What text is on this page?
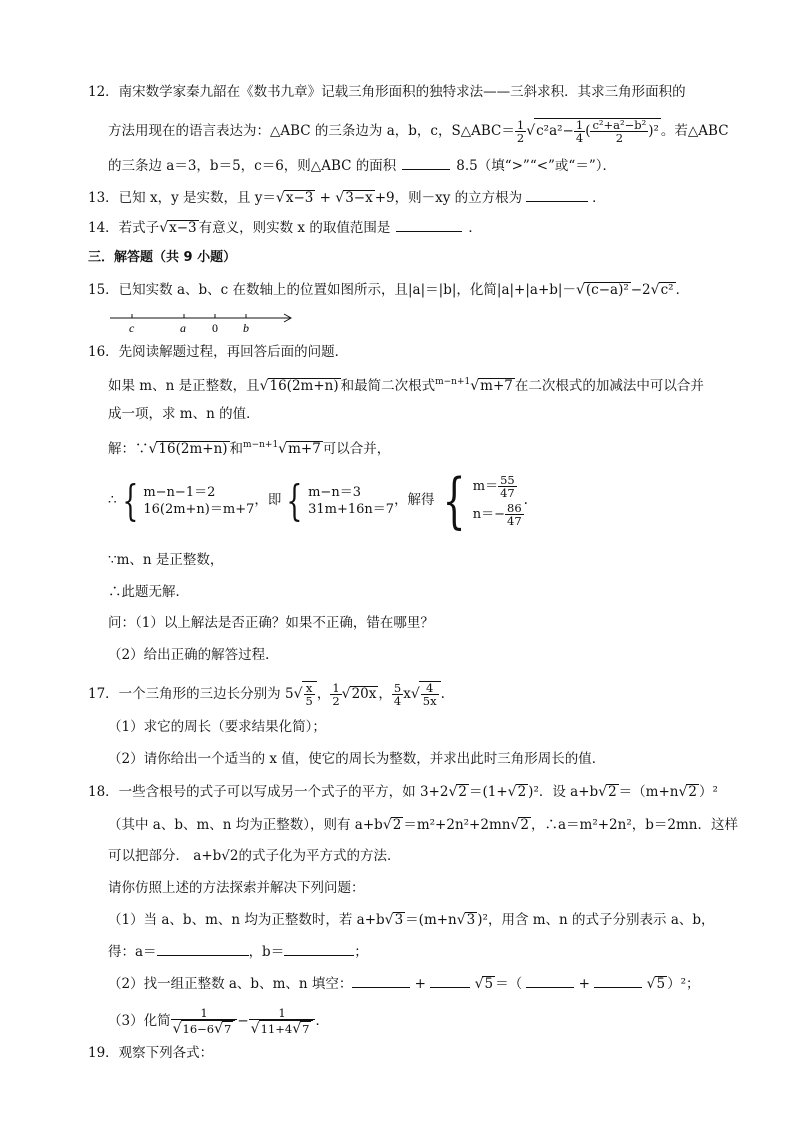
12．南宋数学家秦九韶在《数书九章》记载三角形面积的独特求法——三斜求积．其求三角形面积的
方法用现在的语言表达为：△ABC 的三条边为 a，b，c，S△ABC＝ $\frac{1}{2} √c^2a^2- \frac{1}{4}$ ( $\frac{\text{c²+a²−b²}}{2} )^2$ 。若△ABC
的三条边 a＝3，b＝5，c＝6，则△ABC 的面积	8.5（填“>”“<”或“＝”）．
13．已知 x，y 是实数，且 y＝√x−3 + √3−x +9，则－xy 的立方根为	．
14．若式子√x−3 有意义，则实数 x 的取值范围是	．
三．解答题（共 9 小题）
15．已知实数 a、b、c 在数轴上的位置如图所示，且|a|＝|b|，化简|a|+|a+b|－√(c−a)² −2√c² ．
c	a 0 b
16．先阅读解题过程，再回答后面的问题．
如果 m、n 是正整数，且√16(2m+n) 和最简二次根式$^{m-n+1}$√m+7 在二次根式的加减法中可以合并
成一项，求 m、n 的值．
解：∵√16(2m+n) 和$^{m-n+1}$√m+7 可以合并，
∴ { m−n−1＝2
16(2m+n)＝m+7，即 { m−n＝3
31m+16n＝7，解得 { $m= \frac{55}{47}$

$n=- \frac{86}{47}$
.
∵m、n 是正整数，
∴此题无解．
问：（1）以上解法是否正确？如果不正确，错在哪里？
（2）给出正确的解答过程．
17．一个三角形的三边长分别为 $5√ \frac{x}{5}$ ， $\frac{1}{2} √20x$ ， $\frac{5}{4} x√ \frac{4}{5x}$ .
（1）求它的周长（要求结果化简）；
（2）请你给出一个适当的 x 值，使它的周长为整数，并求出此时三角形周长的值．
18．一些含根号的式子可以写成另一个式子的平方，如 3+2√2 ＝(1+√2 )²．设 a+b√2 ＝（m+n√2 ）²
（其中 a、b、m、n 均为正整数），则有 a+b√2 ＝m²+2n²+2mn√2 ，∴a＝m²+2n²，b＝2mn．这样
可以把部分． a+b√2的式子化为平方式的方法．
请你仿照上述的方法探索并解决下列问题：
（1）当 a、b、m、n 均为正整数时，若 a+b√3 ＝(m+n√3 )²，用含 m、n 的式子分别表示 a、b，
得：a＝	，b＝	；
（2）找一组正整数 a、b、m、n 填空：	+	√5 ＝（	+	√5 ）²；
（3）化简 $\frac{1}{√16-6√7} - \frac{1}{√11+4√7}$ ．
19．观察下列各式：
